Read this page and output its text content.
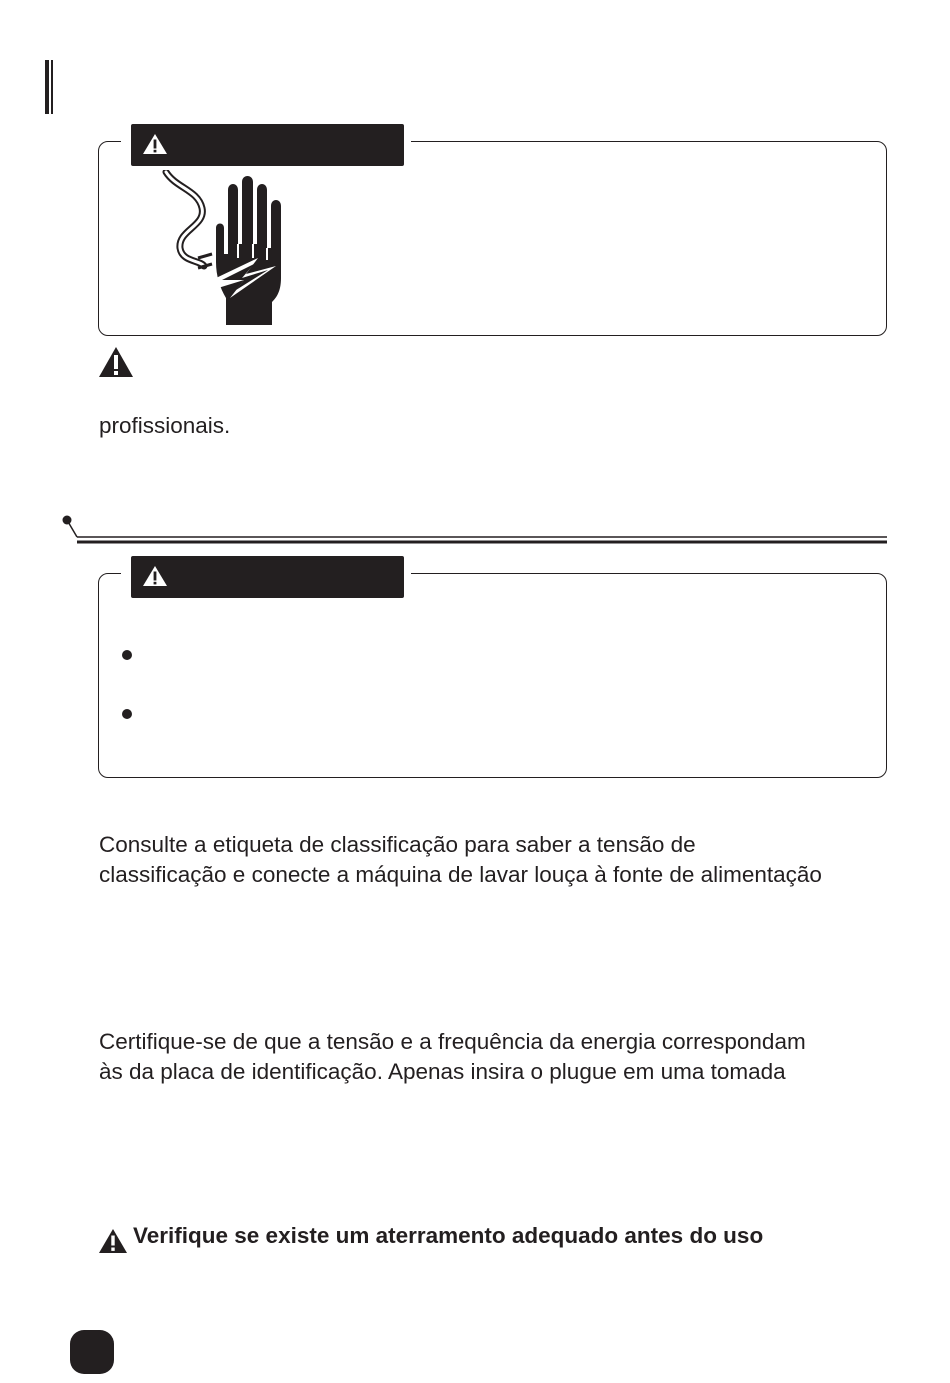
profissionais.
Consulte a etiqueta de classificação para saber a tensão de
classificação e conecte a máquina de lavar louça à fonte de alimentação
Certifique-se de que a tensão e a frequência da energia correspondam
às da placa de identificação. Apenas insira o plugue em uma tomada
Verifique se existe um aterramento adequado antes do uso
